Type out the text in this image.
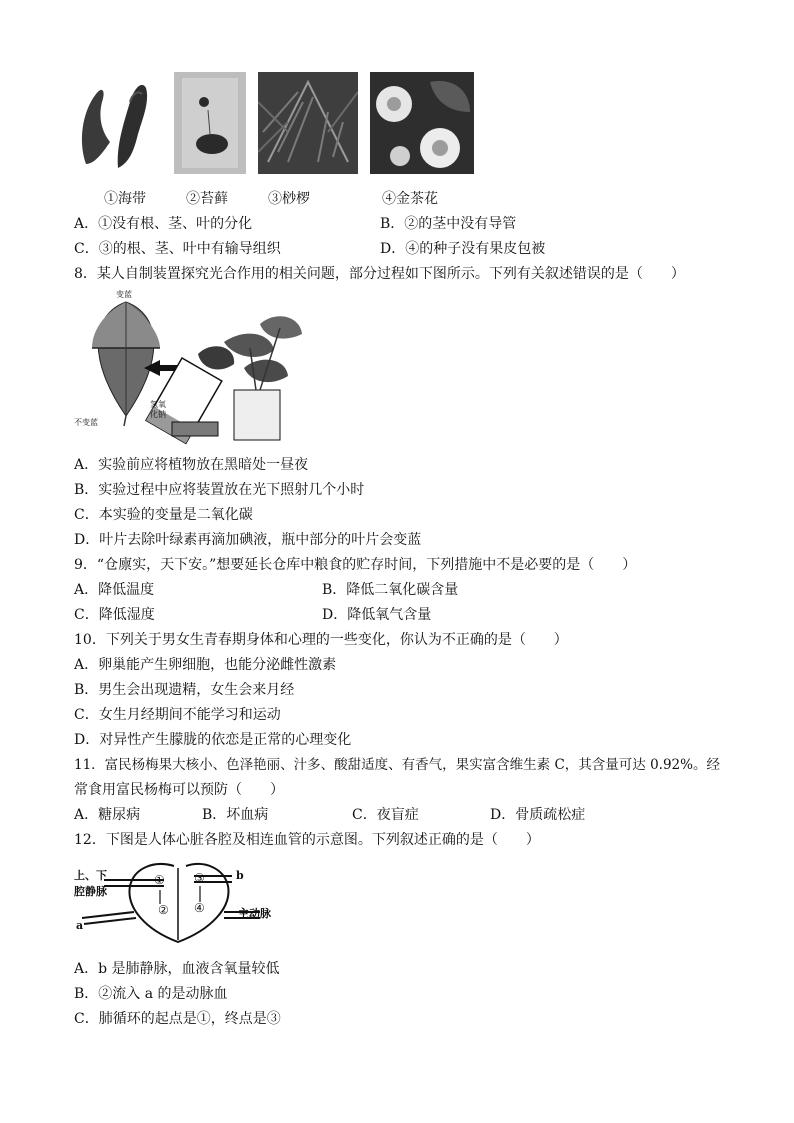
①海带	②苔藓	③桫椤	④金茶花
A．①没有根、茎、叶的分化	B．②的茎中没有导管
C．③的根、茎、叶中有输导组织	D．④的种子没有果皮包被
8．某人自制装置探究光合作用的相关问题，部分过程如下图所示。下列有关叙述错误的是（　　）
变蓝
不变蓝
氢氧化钠
A．实验前应将植物放在黑暗处一昼夜
B．实验过程中应将装置放在光下照射几个小时
C．本实验的变量是二氧化碳
D．叶片去除叶绿素再滴加碘液，瓶中部分的叶片会变蓝
9．“仓廪实，天下安。”想要延长仓库中粮食的贮存时间，下列措施中不是必要的是（　　）
A．降低温度	B．降低二氧化碳含量
C．降低湿度	D．降低氧气含量
10．下列关于男女生青春期身体和心理的一些变化，你认为不正确的是（　　）
A．卵巢能产生卵细胞，也能分泌雌性激素
B．男生会出现遗精，女生会来月经
C．女生月经期间不能学习和运动
D．对异性产生朦胧的依恋是正常的心理变化
11．富民杨梅果大核小、色泽艳丽、汁多、酸甜适度、有香气，果实富含维生素 C，其含量可达 0.92%。经
常食用富民杨梅可以预防（　　）
A．糖尿病	B．坏血病	C．夜盲症	D．骨质疏松症
12．下图是人体心脏各腔及相连血管的示意图。下列叙述正确的是（　　）
上、下
腔静脉
主动脉
a
b
①
②
③
④
A．b 是肺静脉，血液含氧量较低
B．②流入 a 的是动脉血
C．肺循环的起点是①，终点是③
